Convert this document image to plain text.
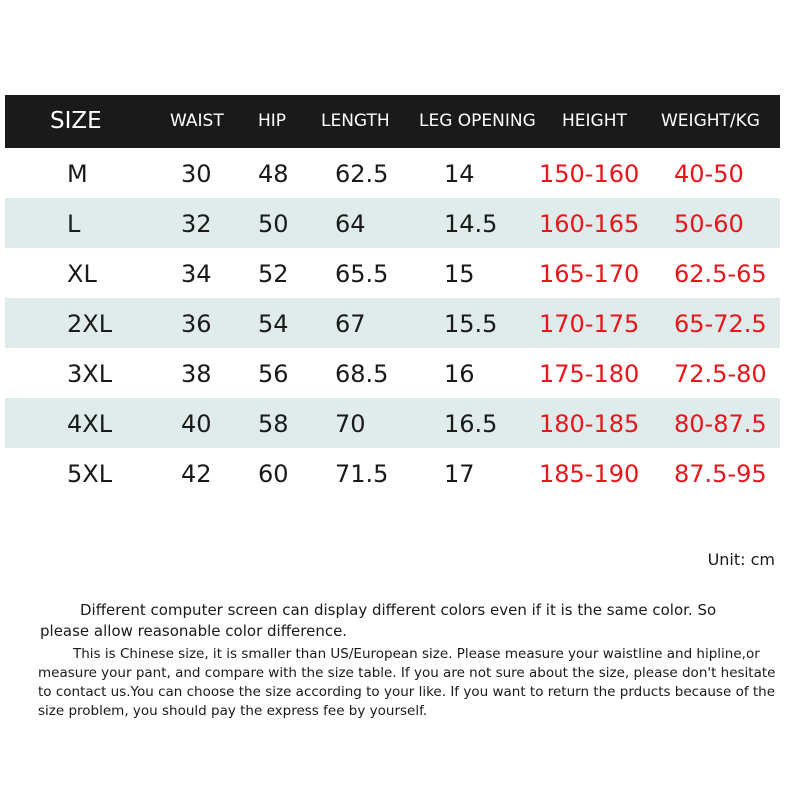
SIZE	WAIST HIP LENGTH LEG OPENING HEIGHT WEIGHT/KG
M	30 48 62.5 14	150-160 40-50
L	32 50 64	14.5 160-165 50-60
XL	34 52 65.5 15	165-170 62.5-65
2XL	36 54 67	15.5 170-175 65-72.5
3XL	38 56 68.5 16	175-180 72.5-80
4XL	40 58 70	16.5 180-185 80-87.5
5XL	42 60 71.5 17	185-190 87.5-95
Unit: cm
Different computer screen can display different colors even if it is the same color. So please allow reasonable color difference.
This is Chinese size, it is smaller than US/European size. Please measure your waistline and hipline,or measure your pant, and compare with the size table. If you are not sure about the size, please don't hesitate to contact us.You can choose the size according to your like. If you want to return the prducts because of the size problem, you should pay the express fee by yourself.
